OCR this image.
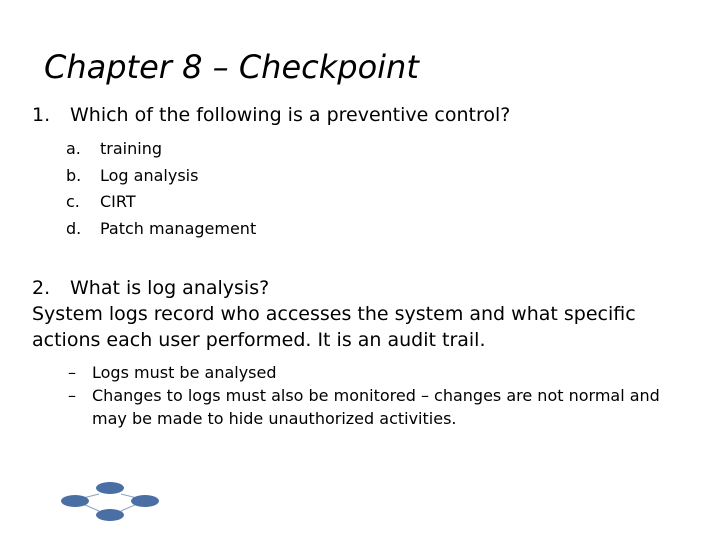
Chapter 8 – Checkpoint
1. Which of the following is a preventive control?
a. training
b. Log analysis
c. CIRT
d. Patch management
2. What is log analysis?
System logs record who accesses the system and what specific actions each user performed. It is an audit trail.
– Logs must be analysed
– Changes to logs must also be monitored – changes are not normal and may be made to hide unauthorized activities.
